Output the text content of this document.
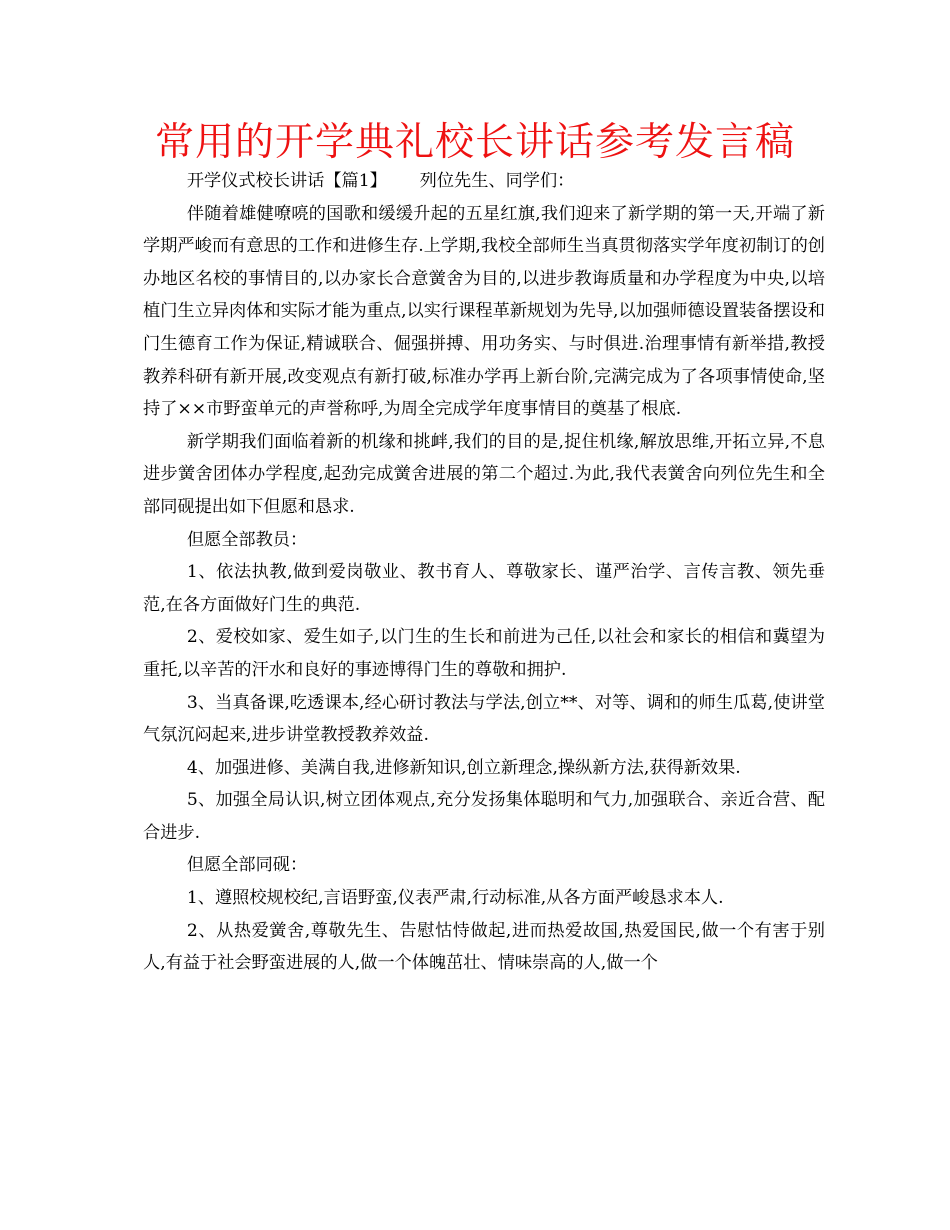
常用的开学典礼校长讲话参考发言稿

开学仪式校长讲话【篇1】      列位先生、同学们：

伴随着雄健嘹喨的国歌和缓缓升起的五星红旗,我们迎来了新学期的第一天,开端了新学期严峻而有意思的工作和进修生存.上学期,我校全部师生当真贯彻落实学年度初制订的创办地区名校的事情目的,以办家长合意黉舍为目的,以进步教诲质量和办学程度为中央,以培植门生立异肉体和实际才能为重点,以实行课程革新规划为先导,以加强师德设置装备摆设和门生德育工作为保证,精诚联合、倔强拼搏、用功务实、与时俱进.治理事情有新举措,教授教养科研有新开展,改变观点有新打破,标准办学再上新台阶,完满完成为了各项事情使命,坚持了××市野蛮单元的声誉称呼,为周全完成学年度事情目的奠基了根底.

新学期我们面临着新的机缘和挑衅,我们的目的是,捉住机缘,解放思维,开拓立异,不息进步黉舍团体办学程度,起劲完成黉舍进展的第二个超过.为此,我代表黉舍向列位先生和全部同砚提出如下但愿和恳求.

但愿全部教员：

1、依法执教,做到爱岗敬业、教书育人、尊敬家长、谨严治学、言传言教、领先垂范,在各方面做好门生的典范.

2、爱校如家、爱生如子,以门生的生长和前进为己任,以社会和家长的相信和冀望为重托,以辛苦的汗水和良好的事迹博得门生的尊敬和拥护.

3、当真备课,吃透课本,经心研讨教法与学法,创立**、对等、调和的师生瓜葛,使讲堂气氛沉闷起来,进步讲堂教授教养效益.

4、加强进修、美满自我,进修新知识,创立新理念,操纵新方法,获得新效果.

5、加强全局认识,树立团体观点,充分发扬集体聪明和气力,加强联合、亲近合营、配合进步.

但愿全部同砚：

1、遵照校规校纪,言语野蛮,仪表严肃,行动标准,从各方面严峻恳求本人.

2、从热爱黉舍,尊敬先生、告慰怙恃做起,进而热爱故国,热爱国民,做一个有害于别人,有益于社会野蛮进展的人,做一个体魄茁壮、情味崇高的人,做一个
